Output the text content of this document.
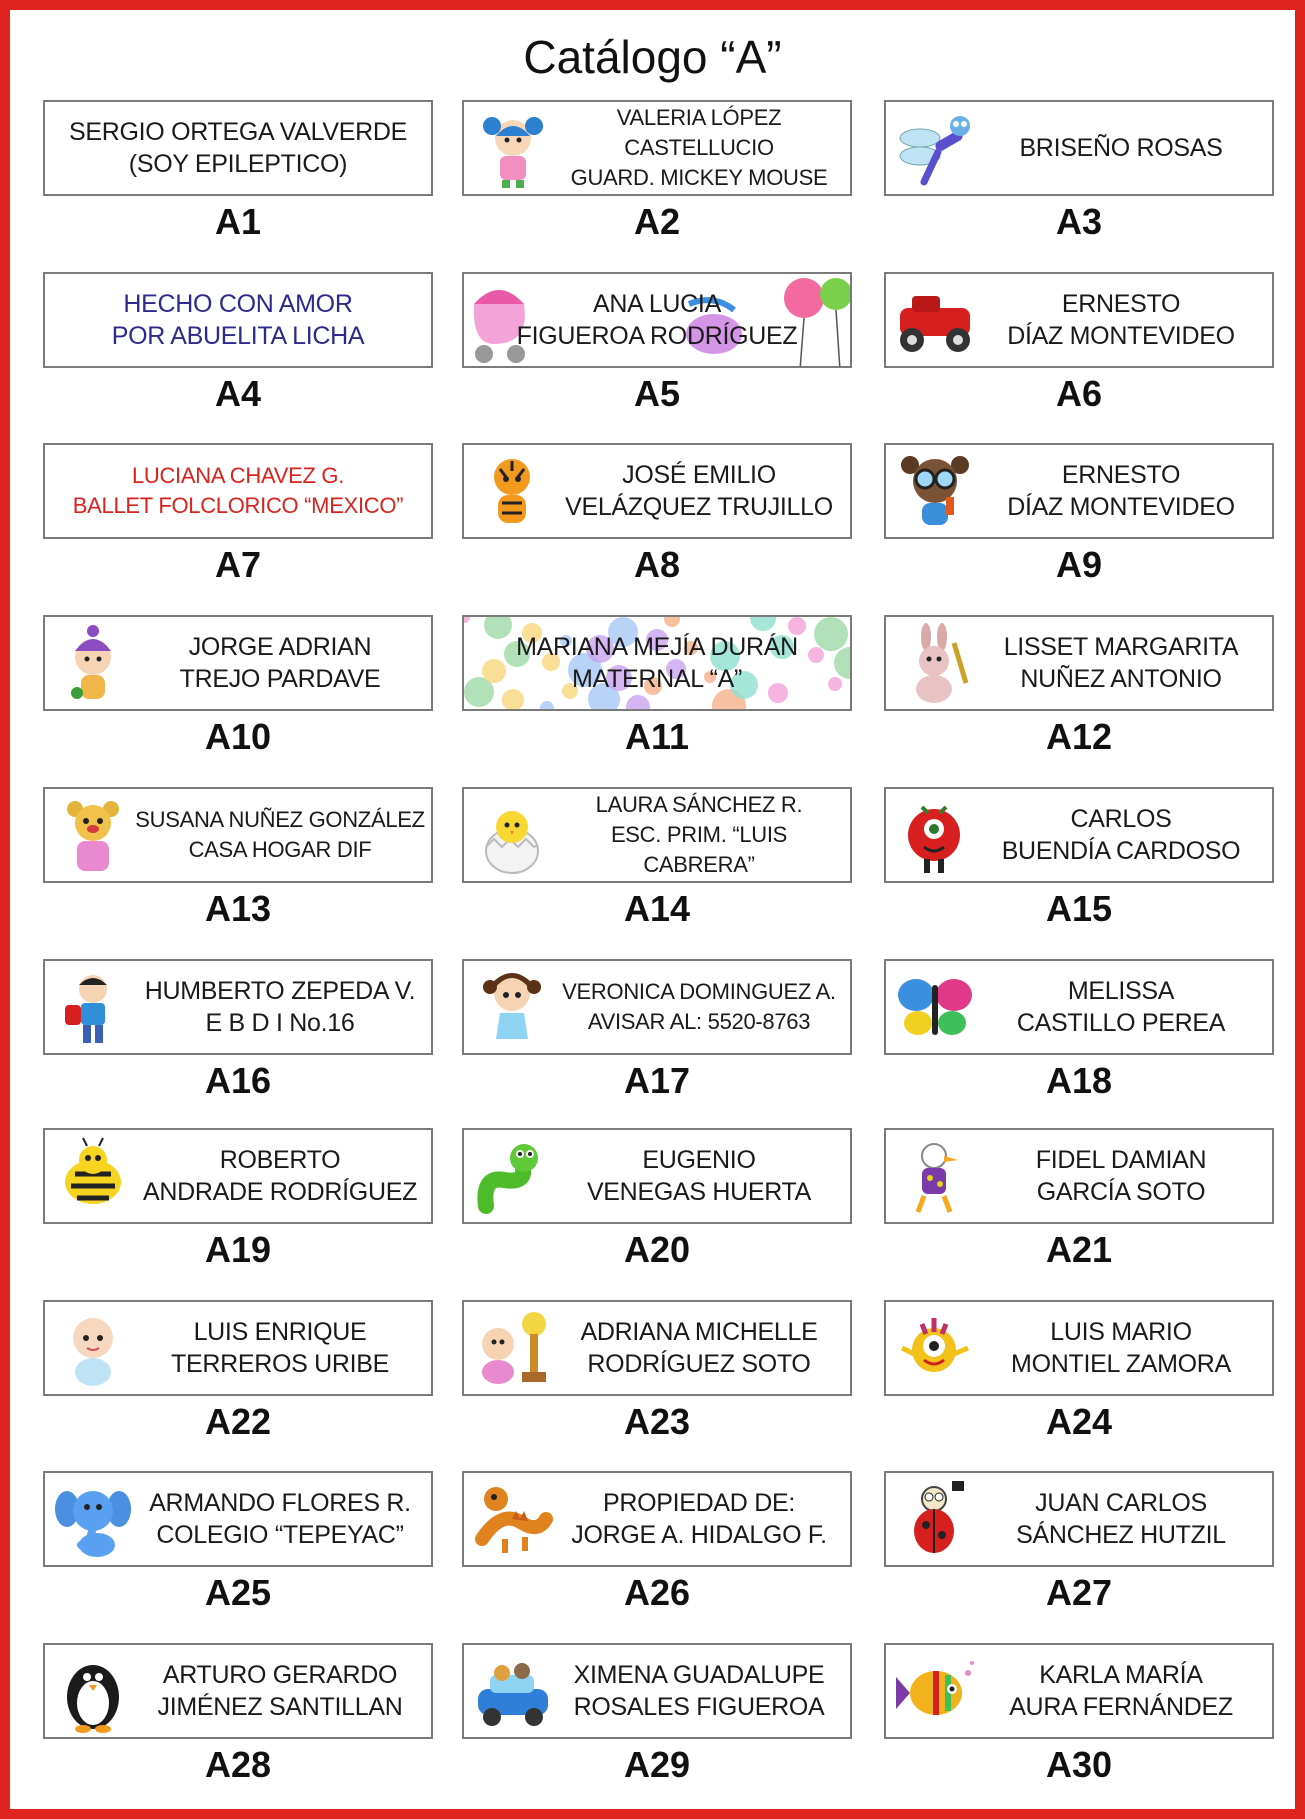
Catálogo “A”
SERGIO ORTEGA VALVERDE
(SOY EPILEPTICO)
A1
VALERIA LÓPEZ CASTELLUCIO
GUARD. MICKEY MOUSE
A2
BRISEÑO ROSAS
A3
HECHO CON AMOR
POR ABUELITA LICHA
A4
ANA LUCIA
FIGUEROA RODRÍGUEZ
A5
ERNESTO
DÍAZ MONTEVIDEO
A6
LUCIANA CHAVEZ G.
BALLET FOLCLORICO “MEXICO”
A7
JOSÉ EMILIO
VELÁZQUEZ TRUJILLO
A8
ERNESTO
DÍAZ MONTEVIDEO
A9
JORGE ADRIAN
TREJO PARDAVE
A10
MARIANA MEJÍA DURÁN
MATERNAL “A”
A11
LISSET MARGARITA
NUÑEZ ANTONIO
A12
SUSANA NUÑEZ GONZÁLEZ
CASA HOGAR DIF
A13
LAURA SÁNCHEZ R.
ESC. PRIM. “LUIS CABRERA”
A14
CARLOS
BUENDÍA CARDOSO
A15
HUMBERTO ZEPEDA V.
E B D I No.16
A16
VERONICA DOMINGUEZ A.
AVISAR AL: 5520-8763
A17
MELISSA
CASTILLO PEREA
A18
ROBERTO
ANDRADE RODRÍGUEZ
A19
EUGENIO
VENEGAS HUERTA
A20
FIDEL DAMIAN
GARCÍA SOTO
A21
LUIS ENRIQUE
TERREROS URIBE
A22
ADRIANA MICHELLE
RODRÍGUEZ SOTO
A23
LUIS MARIO
MONTIEL ZAMORA
A24
ARMANDO FLORES R.
COLEGIO “TEPEYAC”
A25
PROPIEDAD DE:
JORGE A. HIDALGO F.
A26
JUAN CARLOS
SÁNCHEZ HUTZIL
A27
ARTURO GERARDO
JIMÉNEZ SANTILLAN
A28
XIMENA GUADALUPE
ROSALES FIGUEROA
A29
KARLA MARÍA
AURA FERNÁNDEZ
A30
